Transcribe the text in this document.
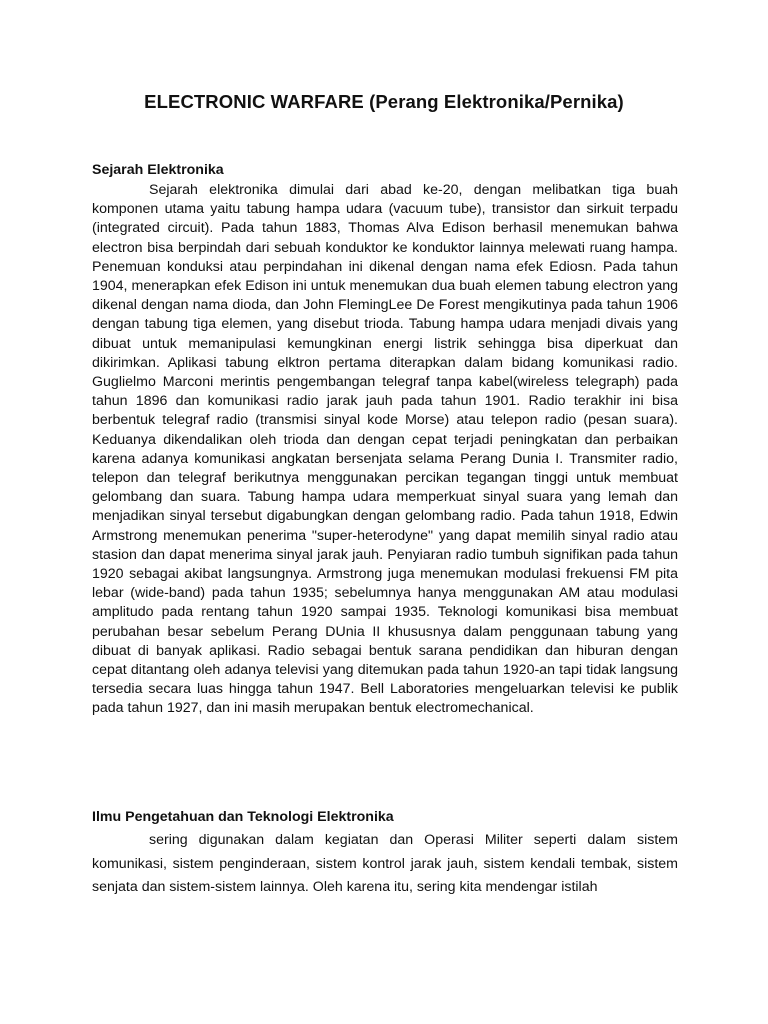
ELECTRONIC WARFARE (Perang Elektronika/Pernika)
Sejarah Elektronika

Sejarah elektronika dimulai dari abad ke-20, dengan melibatkan tiga buah komponen utama yaitu tabung hampa udara (vacuum tube), transistor dan sirkuit terpadu (integrated circuit). Pada tahun 1883, Thomas Alva Edison berhasil menemukan bahwa electron bisa berpindah dari sebuah konduktor ke konduktor lainnya melewati ruang hampa. Penemuan konduksi atau perpindahan ini dikenal dengan nama efek Ediosn. Pada tahun 1904, menerapkan efek Edison ini untuk menemukan dua buah elemen tabung electron yang dikenal dengan nama dioda, dan John FlemingLee De Forest mengikutinya pada tahun 1906 dengan tabung tiga elemen, yang disebut trioda. Tabung hampa udara menjadi divais yang dibuat untuk memanipulasi kemungkinan energi listrik sehingga bisa diperkuat dan dikirimkan. Aplikasi tabung elktron pertama diterapkan dalam bidang komunikasi radio. Guglielmo Marconi merintis pengembangan telegraf tanpa kabel(wireless telegraph) pada tahun 1896 dan komunikasi radio jarak jauh pada tahun 1901. Radio terakhir ini bisa berbentuk telegraf radio (transmisi sinyal kode Morse) atau telepon radio (pesan suara). Keduanya dikendalikan oleh trioda dan dengan cepat terjadi peningkatan dan perbaikan karena adanya komunikasi angkatan bersenjata selama Perang Dunia I. Transmiter radio, telepon dan telegraf berikutnya menggunakan percikan tegangan tinggi untuk membuat gelombang dan suara. Tabung hampa udara memperkuat sinyal suara yang lemah dan menjadikan sinyal tersebut digabungkan dengan gelombang radio. Pada tahun 1918, Edwin Armstrong menemukan penerima "super-heterodyne" yang dapat memilih sinyal radio atau stasion dan dapat menerima sinyal jarak jauh. Penyiaran radio tumbuh signifikan pada tahun 1920 sebagai akibat langsungnya. Armstrong juga menemukan modulasi frekuensi FM pita lebar (wide-band) pada tahun 1935; sebelumnya hanya menggunakan AM atau modulasi amplitudo pada rentang tahun 1920 sampai 1935. Teknologi komunikasi bisa membuat perubahan besar sebelum Perang DUnia II khususnya dalam penggunaan tabung yang dibuat di banyak aplikasi. Radio sebagai bentuk sarana pendidikan dan hiburan dengan cepat ditantang oleh adanya televisi yang ditemukan pada tahun 1920-an tapi tidak langsung tersedia secara luas hingga tahun 1947. Bell Laboratories mengeluarkan televisi ke publik pada tahun 1927, dan ini masih merupakan bentuk electromechanical.

Ilmu Pengetahuan dan Teknologi Elektronika

sering digunakan dalam kegiatan dan Operasi Militer seperti dalam sistem komunikasi, sistem penginderaan, sistem kontrol jarak jauh, sistem kendali tembak, sistem senjata dan sistem-sistem lainnya. Oleh karena itu, sering kita mendengar istilah
